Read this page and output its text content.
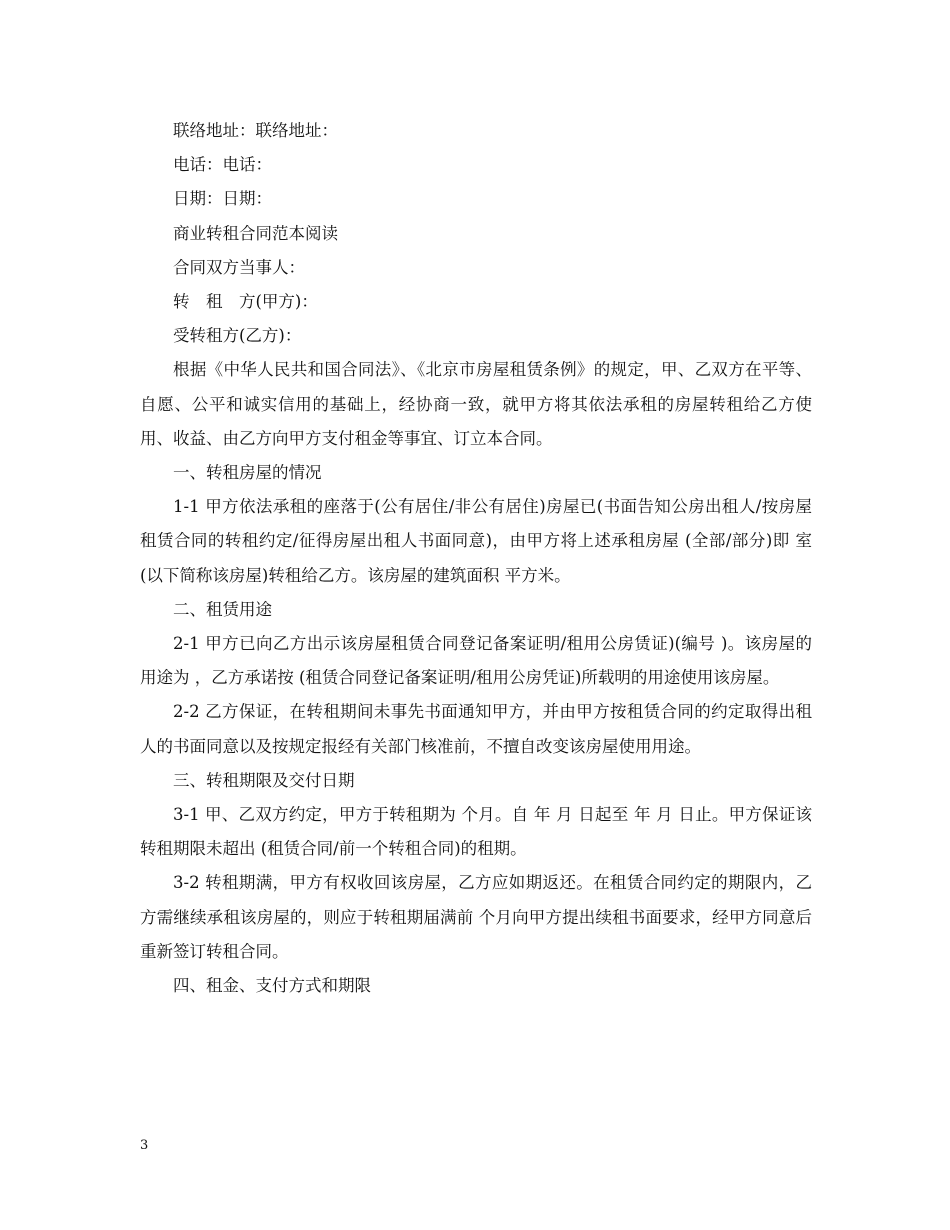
联络地址：联络地址：

电话：电话：

日期：日期：

商业转租合同范本阅读

合同双方当事人：

转　租　方(甲方)：

受转租方(乙方)：

根据《中华人民共和国合同法》、《北京市房屋租赁条例》的规定，甲、乙双方在平等、自愿、公平和诚实信用的基础上，经协商一致，就甲方将其依法承租的房屋转租给乙方使用、收益、由乙方向甲方支付租金等事宜、订立本合同。

一、转租房屋的情况

1-1 甲方依法承租的座落于(公有居住/非公有居住)房屋已(书面告知公房出租人/按房屋租赁合同的转租约定/征得房屋出租人书面同意)，由甲方将上述承租房屋 (全部/部分)即 室(以下简称该房屋)转租给乙方。该房屋的建筑面积 平方米。

二、租赁用途

2-1 甲方已向乙方出示该房屋租赁合同登记备案证明/租用公房赁证)(编号 )。该房屋的用途为 ，乙方承诺按 (租赁合同登记备案证明/租用公房凭证)所载明的用途使用该房屋。

2-2 乙方保证，在转租期间未事先书面通知甲方，并由甲方按租赁合同的约定取得出租人的书面同意以及按规定报经有关部门核准前，不擅自改变该房屋使用用途。

三、转租期限及交付日期

3-1 甲、乙双方约定，甲方于转租期为 个月。自 年 月 日起至 年 月 日止。甲方保证该转租期限未超出 (租赁合同/前一个转租合同)的租期。

3-2 转租期满，甲方有权收回该房屋，乙方应如期返还。在租赁合同约定的期限内，乙方需继续承租该房屋的，则应于转租期届满前 个月向甲方提出续租书面要求，经甲方同意后重新签订转租合同。

四、租金、支付方式和期限

3
